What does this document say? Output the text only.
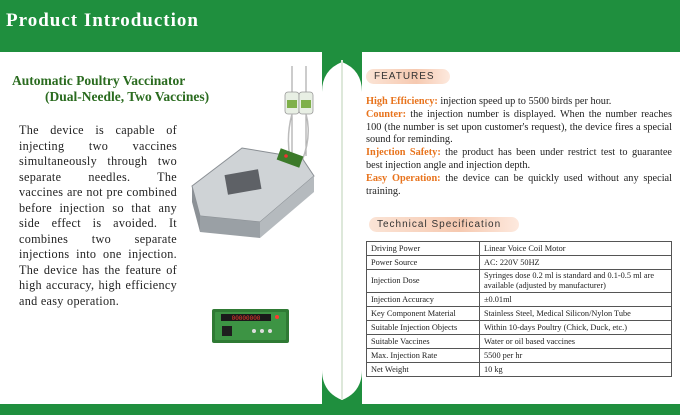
Product Introduction
Automatic Poultry Vaccinator
(Dual-Needle, Two Vaccines)
The device is capable of injecting two vaccines simultaneously through two separate needles. The vaccines are not pre combined before injection so that any side effect is avoided. It combines two separate injections into one injection. The device has the feature of high accuracy, high efficiency and easy operation.
00000000
FEATURES

High Efficiency: injection speed up to 5500 birds per hour.

Counter: the injection number is displayed. When the number reaches 100 (the number is set upon customer's request), the device fires a special sound for reminding.

Injection Safety: the product has been under restrict test to guarantee best injection angle and injection depth.

Easy Operation: the device can be quickly used without any special training.

Technical Specification
Driving Power	Linear Voice Coil Motor
Power Source	AC: 220V 50HZ
Injection Dose	Syringes dose 0.2 ml is standard and 0.1-0.5 ml are available (adjusted by manufacturer)
Injection Accuracy	±0.01ml
Key Component Material	Stainless Steel, Medical Silicon/Nylon Tube
Suitable Injection Objects	Within 10-days Poultry (Chick, Duck, etc.)
Suitable Vaccines	Water or oil based vaccines
Max. Injection Rate	5500 per hr
Net Weight	10 kg
